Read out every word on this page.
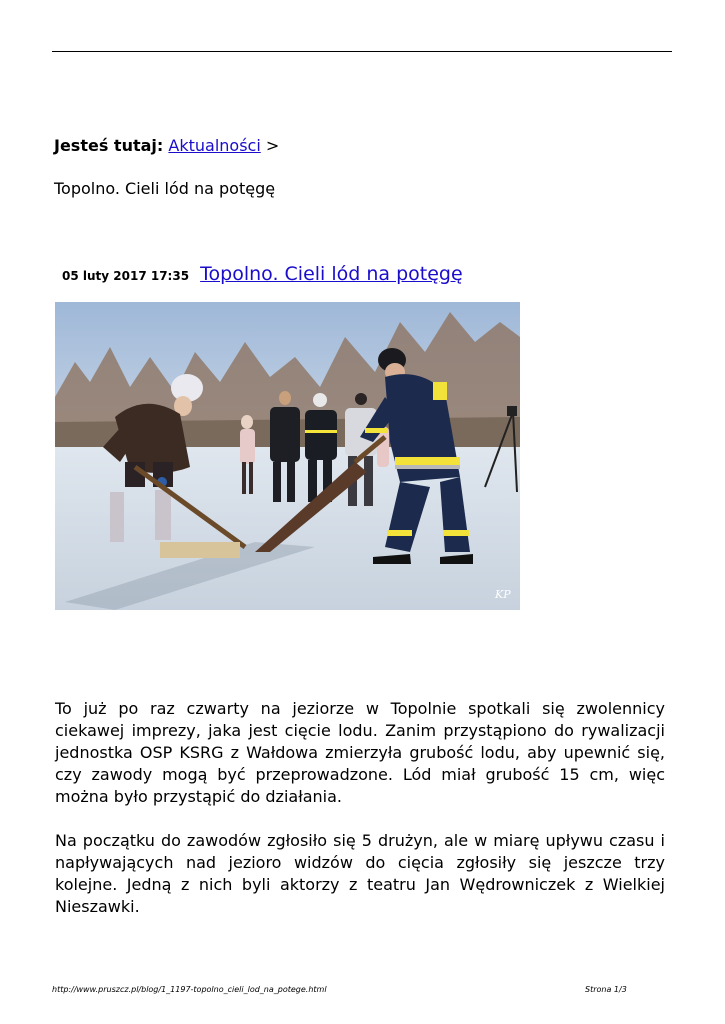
Jesteś tutaj: Aktualności >
Topolno. Cieli lód na potęgę
05 luty 2017 17:35 Topolno. Cieli lód na potęgę
KP

To już po raz czwarty na jeziorze w Topolnie spotkali się zwolennicy ciekawej imprezy, jaka jest cięcie lodu. Zanim przystąpiono do rywalizacji jednostka OSP KSRG z Wałdowa zmierzyła grubość lodu, aby upewnić się, czy zawody mogą być przeprowadzone. Lód miał grubość 15 cm, więc można było przystąpić do działania.

Na początku do zawodów zgłosiło się 5 drużyn, ale w miarę upływu czasu i napływających nad jezioro widzów do cięcia zgłosiły się jeszcze trzy kolejne. Jedną z nich byli aktorzy z teatru Jan Wędrowniczek z Wielkiej Nieszawki.

http://www.pruszcz.pl/blog/1_1197-topolno_cieli_lod_na_potege.html	Strona 1/3
